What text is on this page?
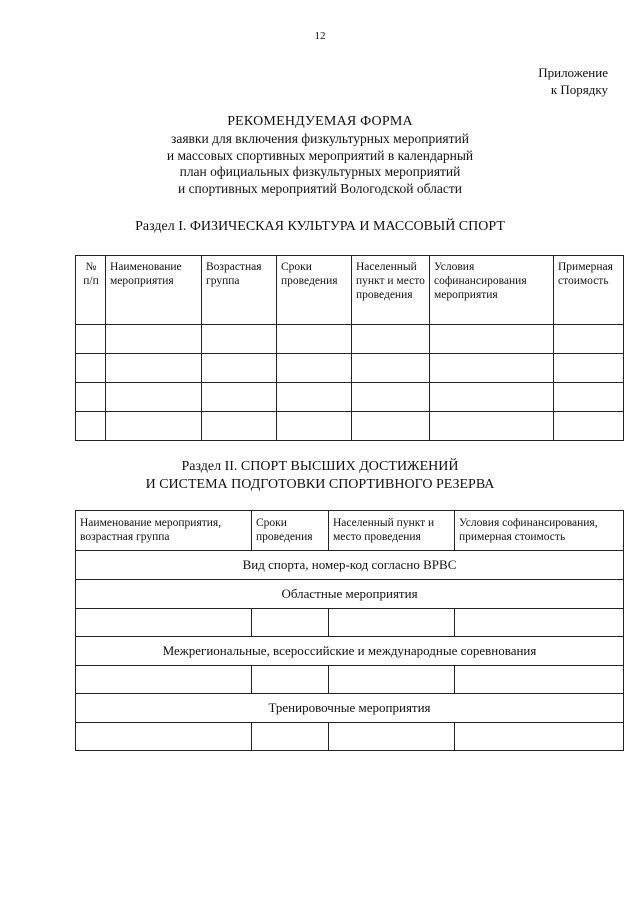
12
Приложение
к Порядку
РЕКОМЕНДУЕМАЯ ФОРМА
заявки для включения физкультурных мероприятий
и массовых спортивных мероприятий в календарный
план официальных физкультурных мероприятий
и спортивных мероприятий Вологодской области
Раздел I. ФИЗИЧЕСКАЯ КУЛЬТУРА И МАССОВЫЙ СПОРТ
№ п/п	Наименование мероприятия	Возрастная группа	Сроки проведения	Населенный пункт и место проведения	Условия софинансирования мероприятия	Примерная стоимость

Раздел II. СПОРТ ВЫСШИХ ДОСТИЖЕНИЙ
И СИСТЕМА ПОДГОТОВКИ СПОРТИВНОГО РЕЗЕРВА
Наименование мероприятия, возрастная группа	Сроки проведения	Населенный пункт и место проведения	Условия софинансирования, примерная стоимость
Вид спорта, номер-код согласно ВРВС			
Областные мероприятия			

Межрегиональные, всероссийские и международные соревнования			

Тренировочные мероприятия			
